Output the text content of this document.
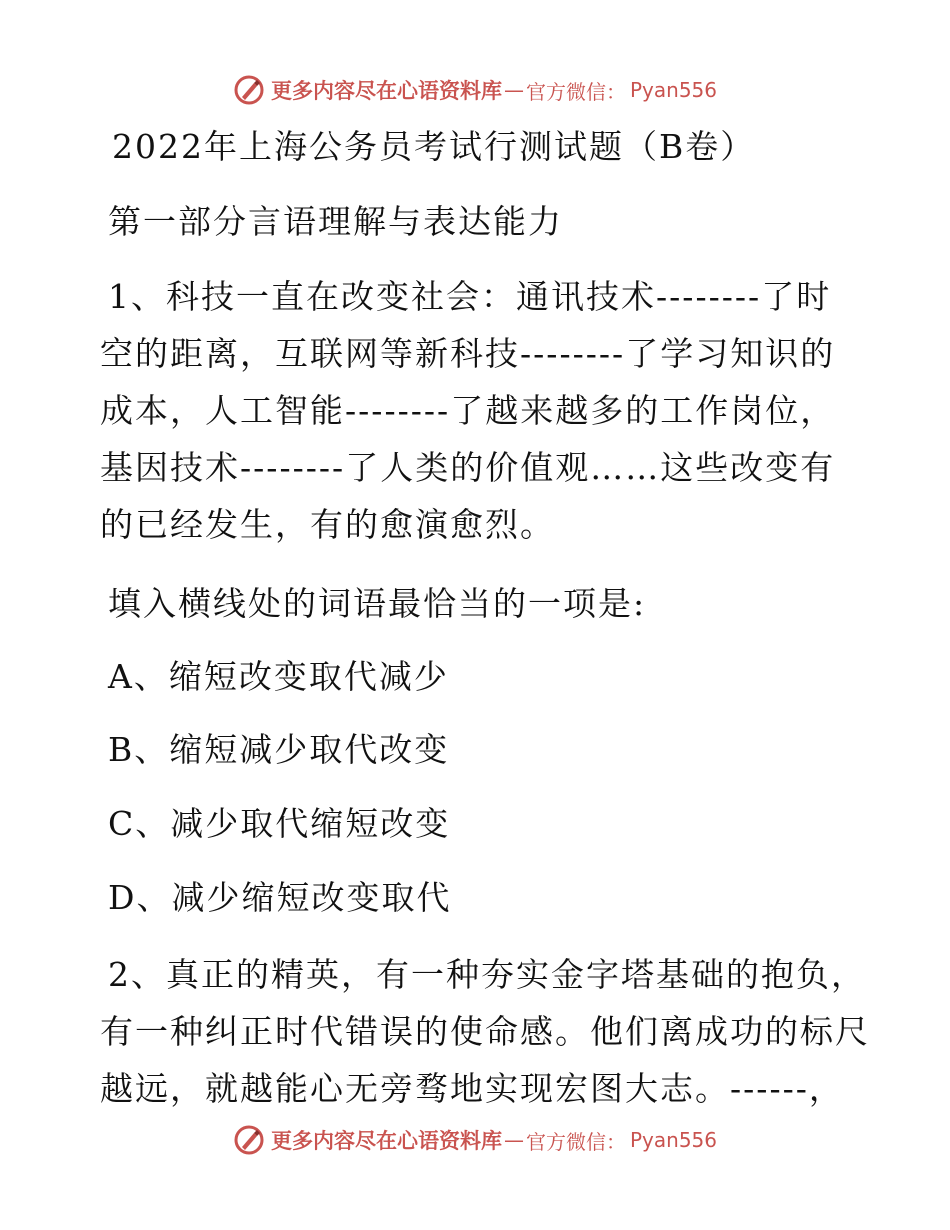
更多内容尽在心语资料库 — 官方微信： Pyan556
2022年上海公务员考试行测试题（B卷）
第一部分言语理解与表达能力
1、科技一直在改变社会：通讯技术--------了时
空的距离，互联网等新科技--------了学习知识的
成本，人工智能--------了越来越多的工作岗位，
基因技术--------了人类的价值观……这些改变有
的已经发生，有的愈演愈烈。
填入横线处的词语最恰当的一项是:
A、缩短改变取代减少
B、缩短减少取代改变
C、减少取代缩短改变
D、减少缩短改变取代
2、真正的精英，有一种夯实金字塔基础的抱负，
有一种纠正时代错误的使命感。他们离成功的标尺
越远，就越能心无旁骛地实现宏图大志。------，
更多内容尽在心语资料库 — 官方微信： Pyan556
